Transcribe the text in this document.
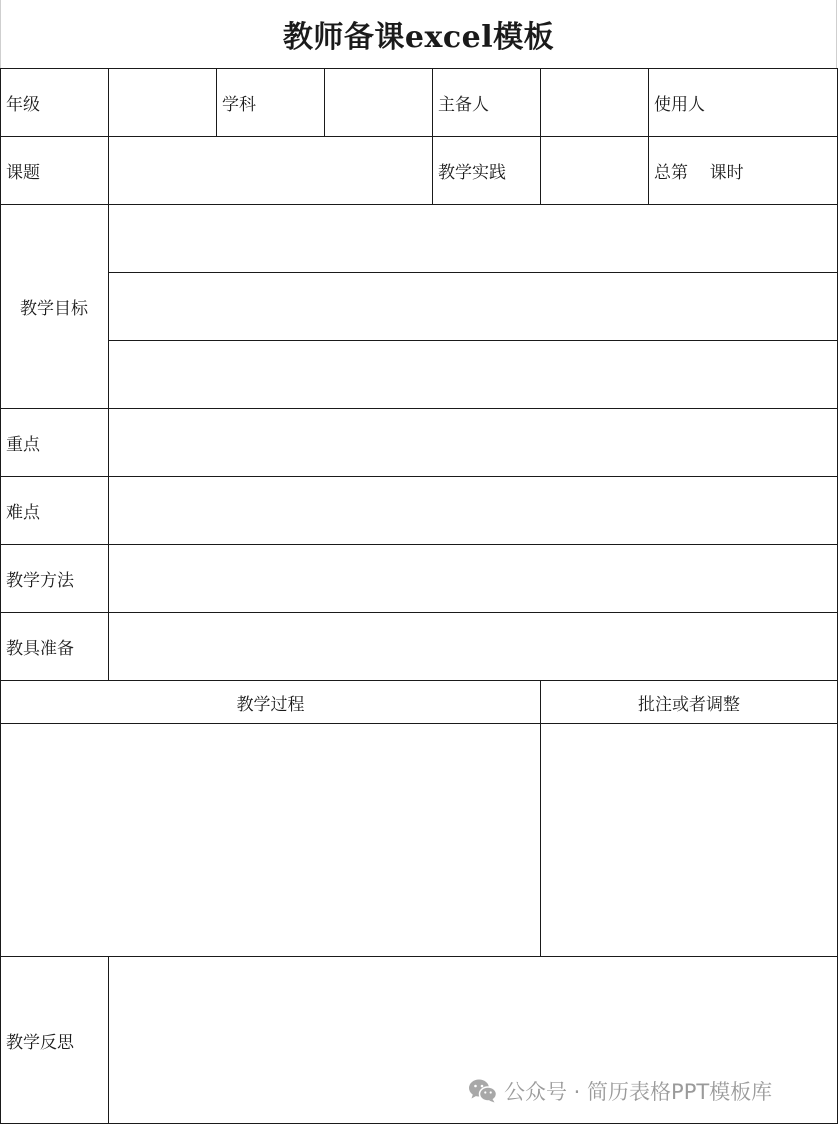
教师备课excel模板
年级		学科		主备人		使用人
课题				教学实践		总第    课时
教学目标						

重点						
难点						
教学方法						
教具准备						
教学过程					批注或者调整	

教学反思						
公众号 · 简历表格PPT模板库
